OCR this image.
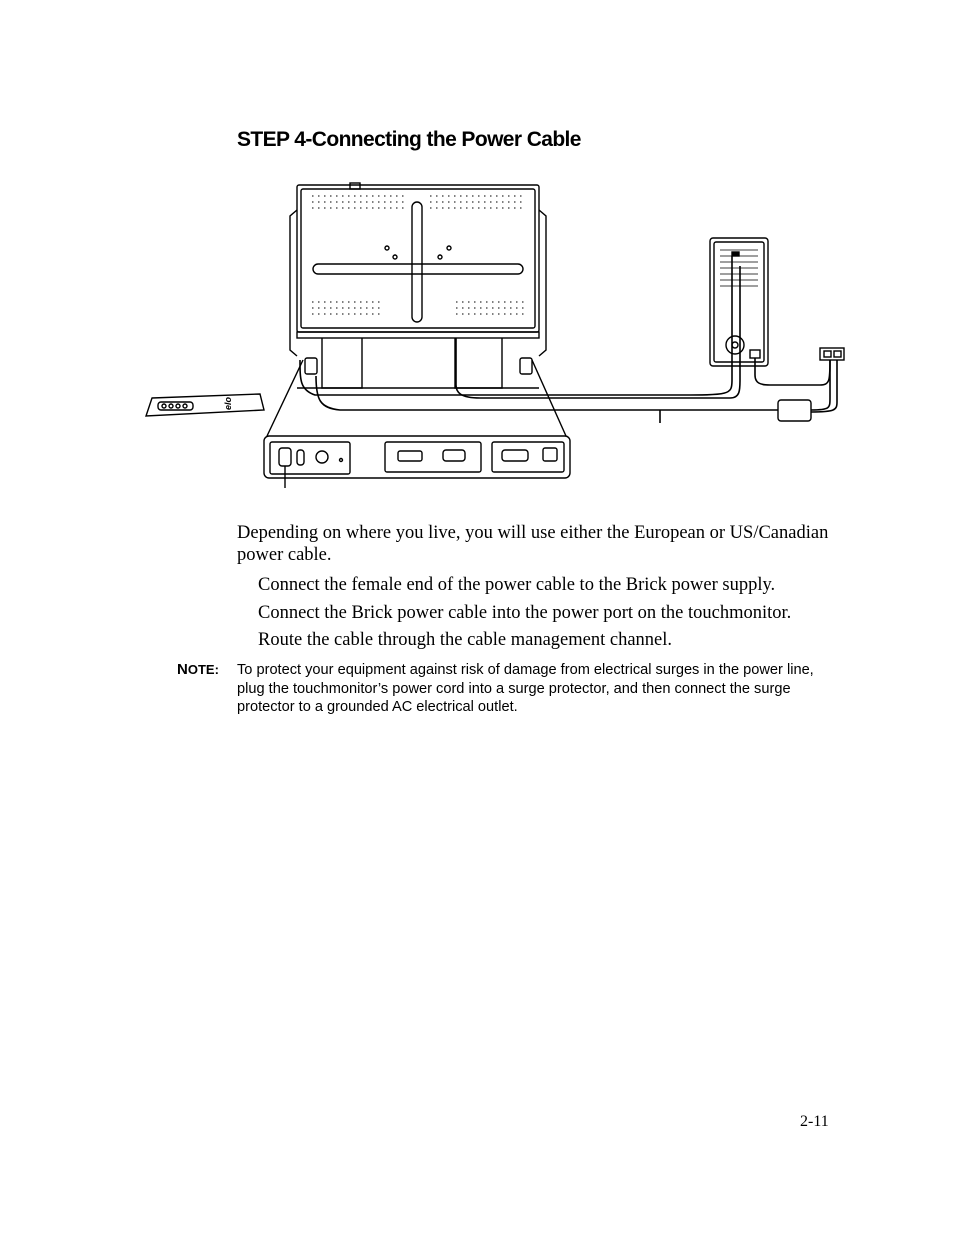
STEP 4-Connecting the Power Cable
elo

Depending on where you live, you will use either the European or US/Canadian power cable.

Connect the female end of the power cable to the Brick power supply.
Connect the Brick power cable into the power port on the touchmonitor.
Route the cable through the cable management channel.
NOTE: To protect your equipment against risk of damage from electrical surges in the power line, plug the touchmonitor’s power cord into a surge protector, and then connect the surge protector to a grounded AC electrical outlet.

2-11
